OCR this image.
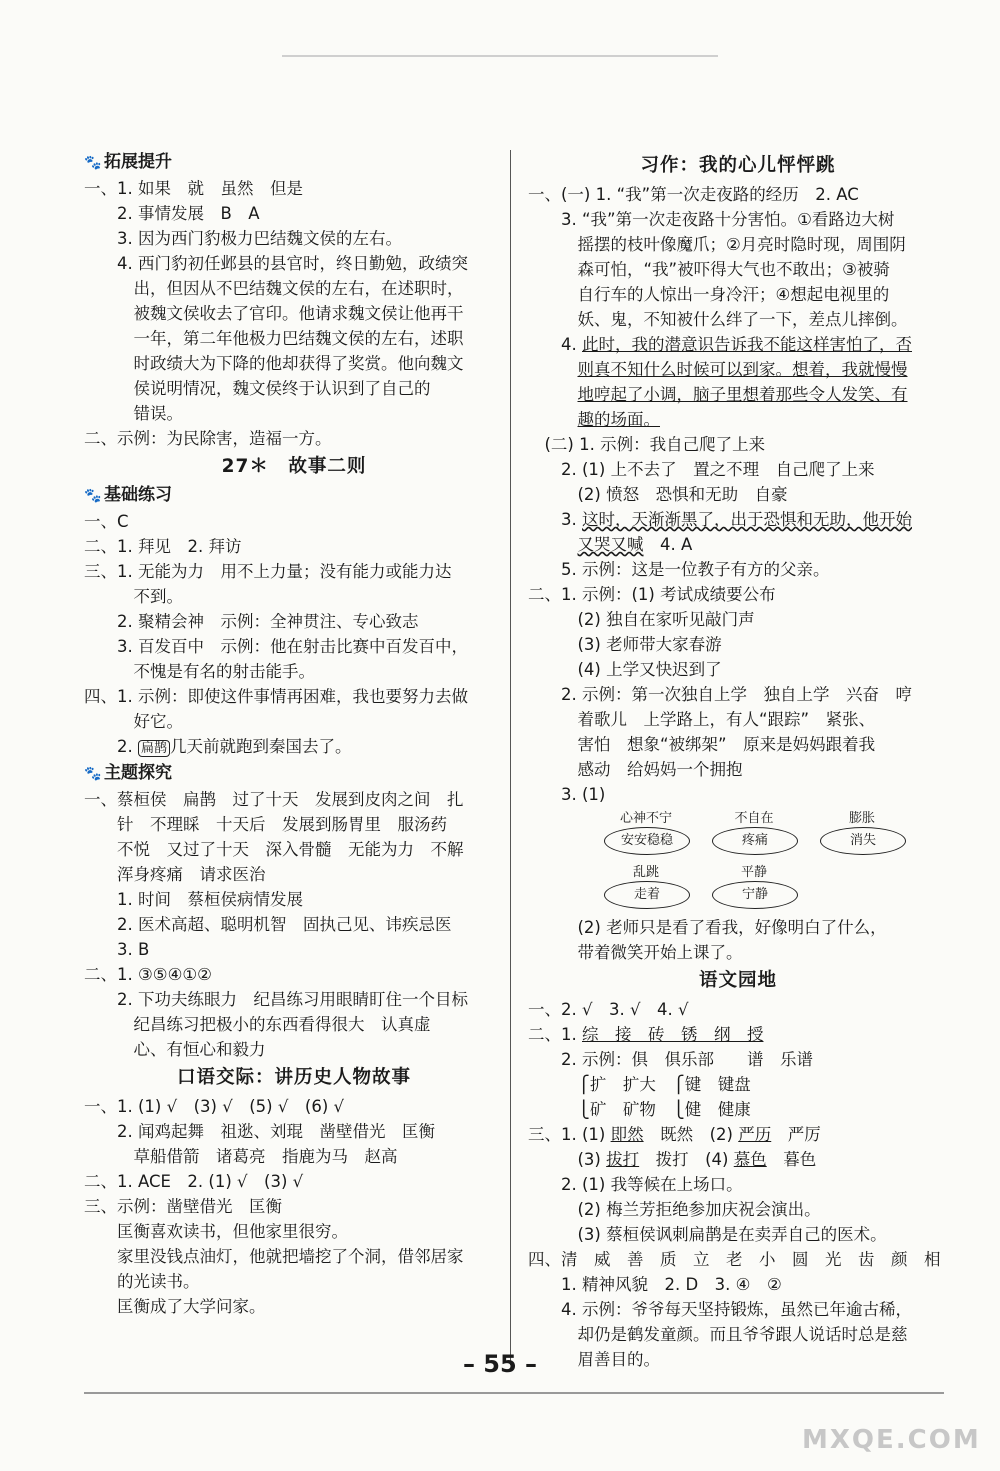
🐾 拓展提升
一、1. 如果　就　虽然　但是
　　2. 事情发展　B　A
　　3. 因为西门豹极力巴结魏文侯的左右。
　　4. 西门豹初任邺县的县官时，终日勤勉，政绩突
　　　出，但因从不巴结魏文侯的左右，在述职时，
　　　被魏文侯收去了官印。他请求魏文侯让他再干
　　　一年，第二年他极力巴结魏文侯的左右，述职
　　　时政绩大为下降的他却获得了奖赏。他向魏文
　　　侯说明情况，魏文侯终于认识到了自己的
　　　错误。
二、示例：为民除害，造福一方。
27＊　故事二则
🐾 基础练习
一、C
二、1. 拜见　2. 拜访
三、1. 无能为力　用不上力量；没有能力或能力达
　　　不到。
　　2. 聚精会神　示例：全神贯注、专心致志
　　3. 百发百中　示例：他在射击比赛中百发百中，
　　　不愧是有名的射击能手。
四、1. 示例：即使这件事情再困难，我也要努力去做
　　　好它。
　　2. 扁鹊 几天前就跑到秦国去了。
🐾 主题探究
一、蔡桓侯　扁鹊　过了十天　发展到皮肉之间　扎
　　针　不理睬　十天后　发展到肠胃里　服汤药
　　不悦　又过了十天　深入骨髓　无能为力　不解
　　浑身疼痛　请求医治
　　1. 时间　蔡桓侯病情发展
　　2. 医术高超、聪明机智　固执己见、讳疾忌医
　　3. B
二、1. ③⑤④①②
　　2. 下功夫练眼力　纪昌练习用眼睛盯住一个目标
　　　纪昌练习把极小的东西看得很大　认真虚
　　　心、有恒心和毅力
口语交际：讲历史人物故事
一、1. (1) √　(3) √　(5) √　(6) √
　　2. 闻鸡起舞　祖逖、刘琨　凿壁借光　匡衡
　　　草船借箭　诸葛亮　指鹿为马　赵高
二、1. ACE　2. (1) √　(3) √
三、示例：凿壁借光　匡衡
　　匡衡喜欢读书，但他家里很穷。
　　家里没钱点油灯，他就把墙挖了个洞，借邻居家
　　的光读书。
　　匡衡成了大学问家。
习作：我的心儿怦怦跳
一、(一) 1. “我”第一次走夜路的经历　2. AC
　　3. “我”第一次走夜路十分害怕。①看路边大树
　　　摇摆的枝叶像魔爪；②月亮时隐时现，周围阴
　　　森可怕，“我”被吓得大气也不敢出；③被骑
　　　自行车的人惊出一身冷汗；④想起电视里的
　　　妖、鬼，不知被什么绊了一下，差点儿摔倒。
　　4. 此时，我的潜意识告诉我不能这样害怕了，否
　　　则真不知什么时候可以到家。想着，我就慢慢
　　　地哼起了小调，脑子里想着那些令人发笑、有
　　　趣的场面。
　(二) 1. 示例：我自己爬了上来
　　2. (1) 上不去了　置之不理　自己爬了上来
　　　(2) 愤怒　恐惧和无助　自豪
　　3. 这时，天渐渐黑了，出于恐惧和无助，他开始
　　　又哭又喊　4. A
　　5. 示例：这是一位教子有方的父亲。
二、1. 示例：(1) 考试成绩要公布
　　　(2) 独自在家听见敲门声
　　　(3) 老师带大家春游
　　　(4) 上学又快迟到了
　　2. 示例：第一次独自上学　独自上学　兴奋　哼
　　　着歌儿　上学路上，有人“跟踪”　紧张、
　　　害怕　想象“被绑架”　原来是妈妈跟着我
　　　感动　给妈妈一个拥抱
　　3. (1)
安安稳稳
心神不宁
疼痛
不自在
消失
膨胀
走着
乱跳
宁静
平静
　　　(2) 老师只是看了看我，好像明白了什么，
　　　带着微笑开始上课了。
语文园地
一、2. √　3. √　4. √
二、1. 综　接　砖　锈　纲　授
　　2. 示例：俱　俱乐部　　谱　乐谱
　　　⎧扩　扩大　⎧键　键盘
　　　⎩矿　矿物　⎩健　健康
三、1. (1) 即然　既然　(2) 严历　严厉
　　　(3) 拔打　拨打　(4) 慕色　暮色
　　2. (1) 我等候在上场口。
　　　(2) 梅兰芳拒绝参加庆祝会演出。
　　　(3) 蔡桓侯讽刺扁鹊是在卖弄自己的医术。
四、清　威　善　质　立　老　小　圆　光　齿　颜　相
　　1. 精神风貌　2. D　3. ④　②
　　4. 示例：爷爷每天坚持锻炼，虽然已年逾古稀，
　　　却仍是鹤发童颜。而且爷爷跟人说话时总是慈
　　　眉善目的。
– 55 –
MXQE.COM
